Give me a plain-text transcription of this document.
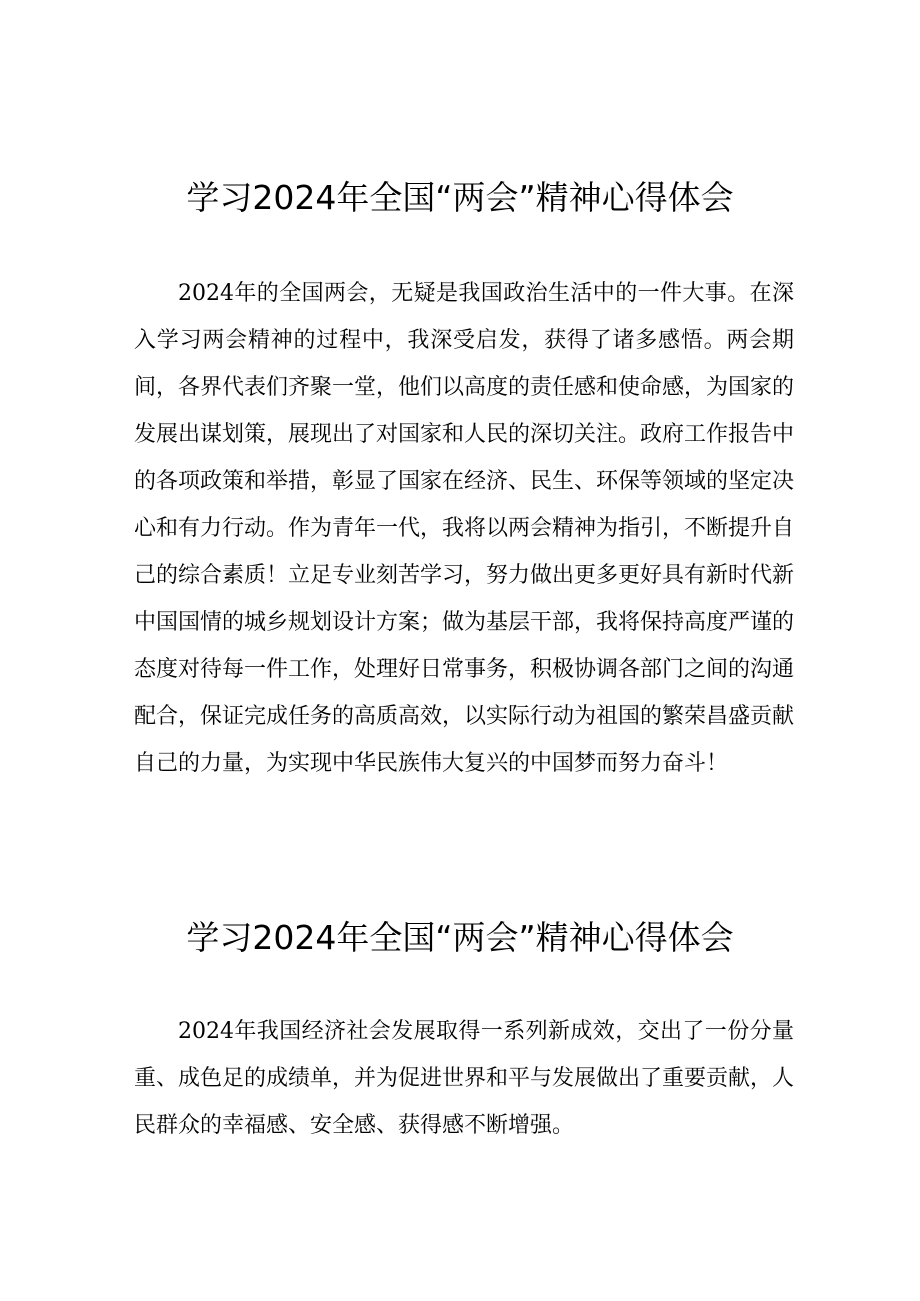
学习2024年全国“两会”精神心得体会

2024年的全国两会，无疑是我国政治生活中的一件大事。在深入学习两会精神的过程中，我深受启发，获得了诸多感悟。两会期间，各界代表们齐聚一堂，他们以高度的责任感和使命感，为国家的发展出谋划策，展现出了对国家和人民的深切关注。政府工作报告中的各项政策和举措，彰显了国家在经济、民生、环保等领域的坚定决心和有力行动。作为青年一代，我将以两会精神为指引，不断提升自己的综合素质！立足专业刻苦学习，努力做出更多更好具有新时代新中国国情的城乡规划设计方案；做为基层干部，我将保持高度严谨的态度对待每一件工作，处理好日常事务，积极协调各部门之间的沟通配合，保证完成任务的高质高效，以实际行动为祖国的繁荣昌盛贡献自己的力量，为实现中华民族伟大复兴的中国梦而努力奋斗！

学习2024年全国“两会”精神心得体会

2024年我国经济社会发展取得一系列新成效，交出了一份分量重、成色足的成绩单，并为促进世界和平与发展做出了重要贡献，人民群众的幸福感、安全感、获得感不断增强。
